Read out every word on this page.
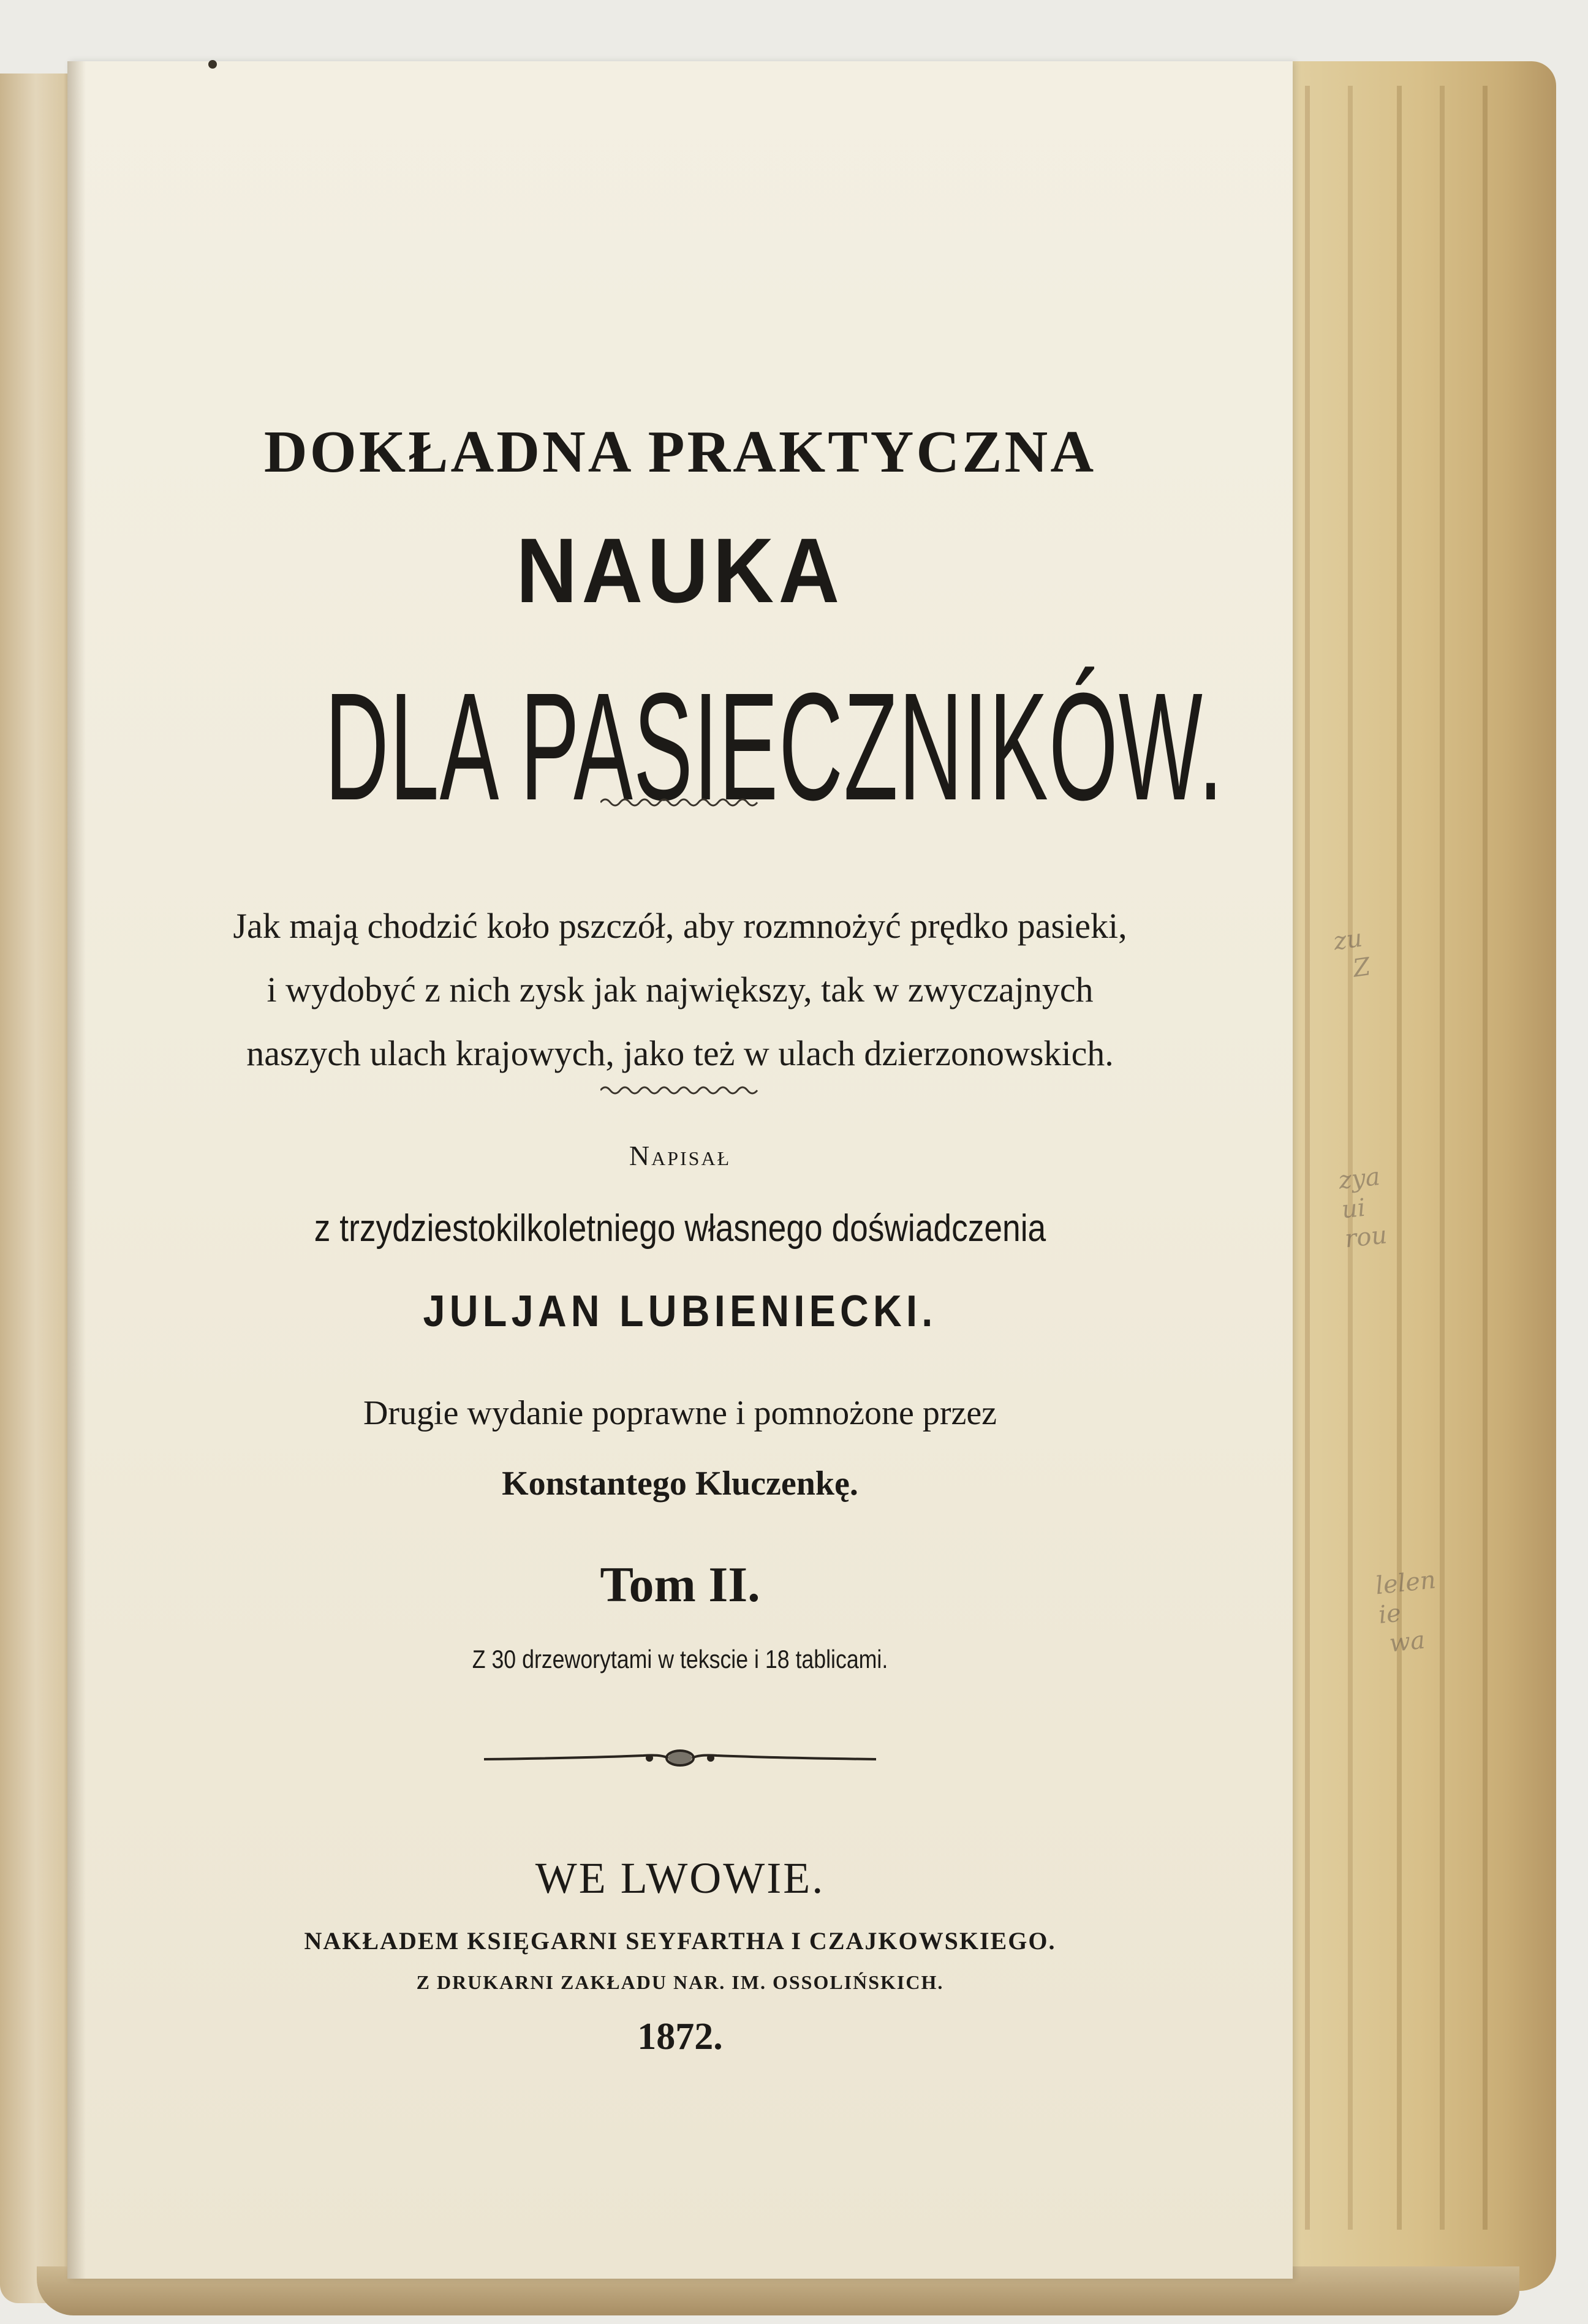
DOKŁADNA PRAKTYCZNA
NAUKA
DLA PASIECZNIKÓW.
Jak mają chodzić koło pszczół, aby rozmnożyć prędko pasieki,
i wydobyć z nich zysk jak największy, tak w zwyczajnych
naszych ulach krajowych, jako też w ulach dzierzonowskich.
Napisał
z trzydziestokilkoletniego własnego doświadczenia
JULJAN LUBIENIECKI.
Drugie wydanie poprawne i pomnożone przez
Konstantego Kluczenkę.
Tom II.
Z 30 drzeworytami w tekscie i 18 tablicami.
WE LWOWIE.
NAKŁADEM KSIĘGARNI SEYFARTHA I CZAJKOWSKIEGO.
Z DRUKARNI ZAKŁADU NAR. IM. OSSOLIŃSKICH.
1872.
zu
Z
zya
ui
rou
lelen
ie
wa
